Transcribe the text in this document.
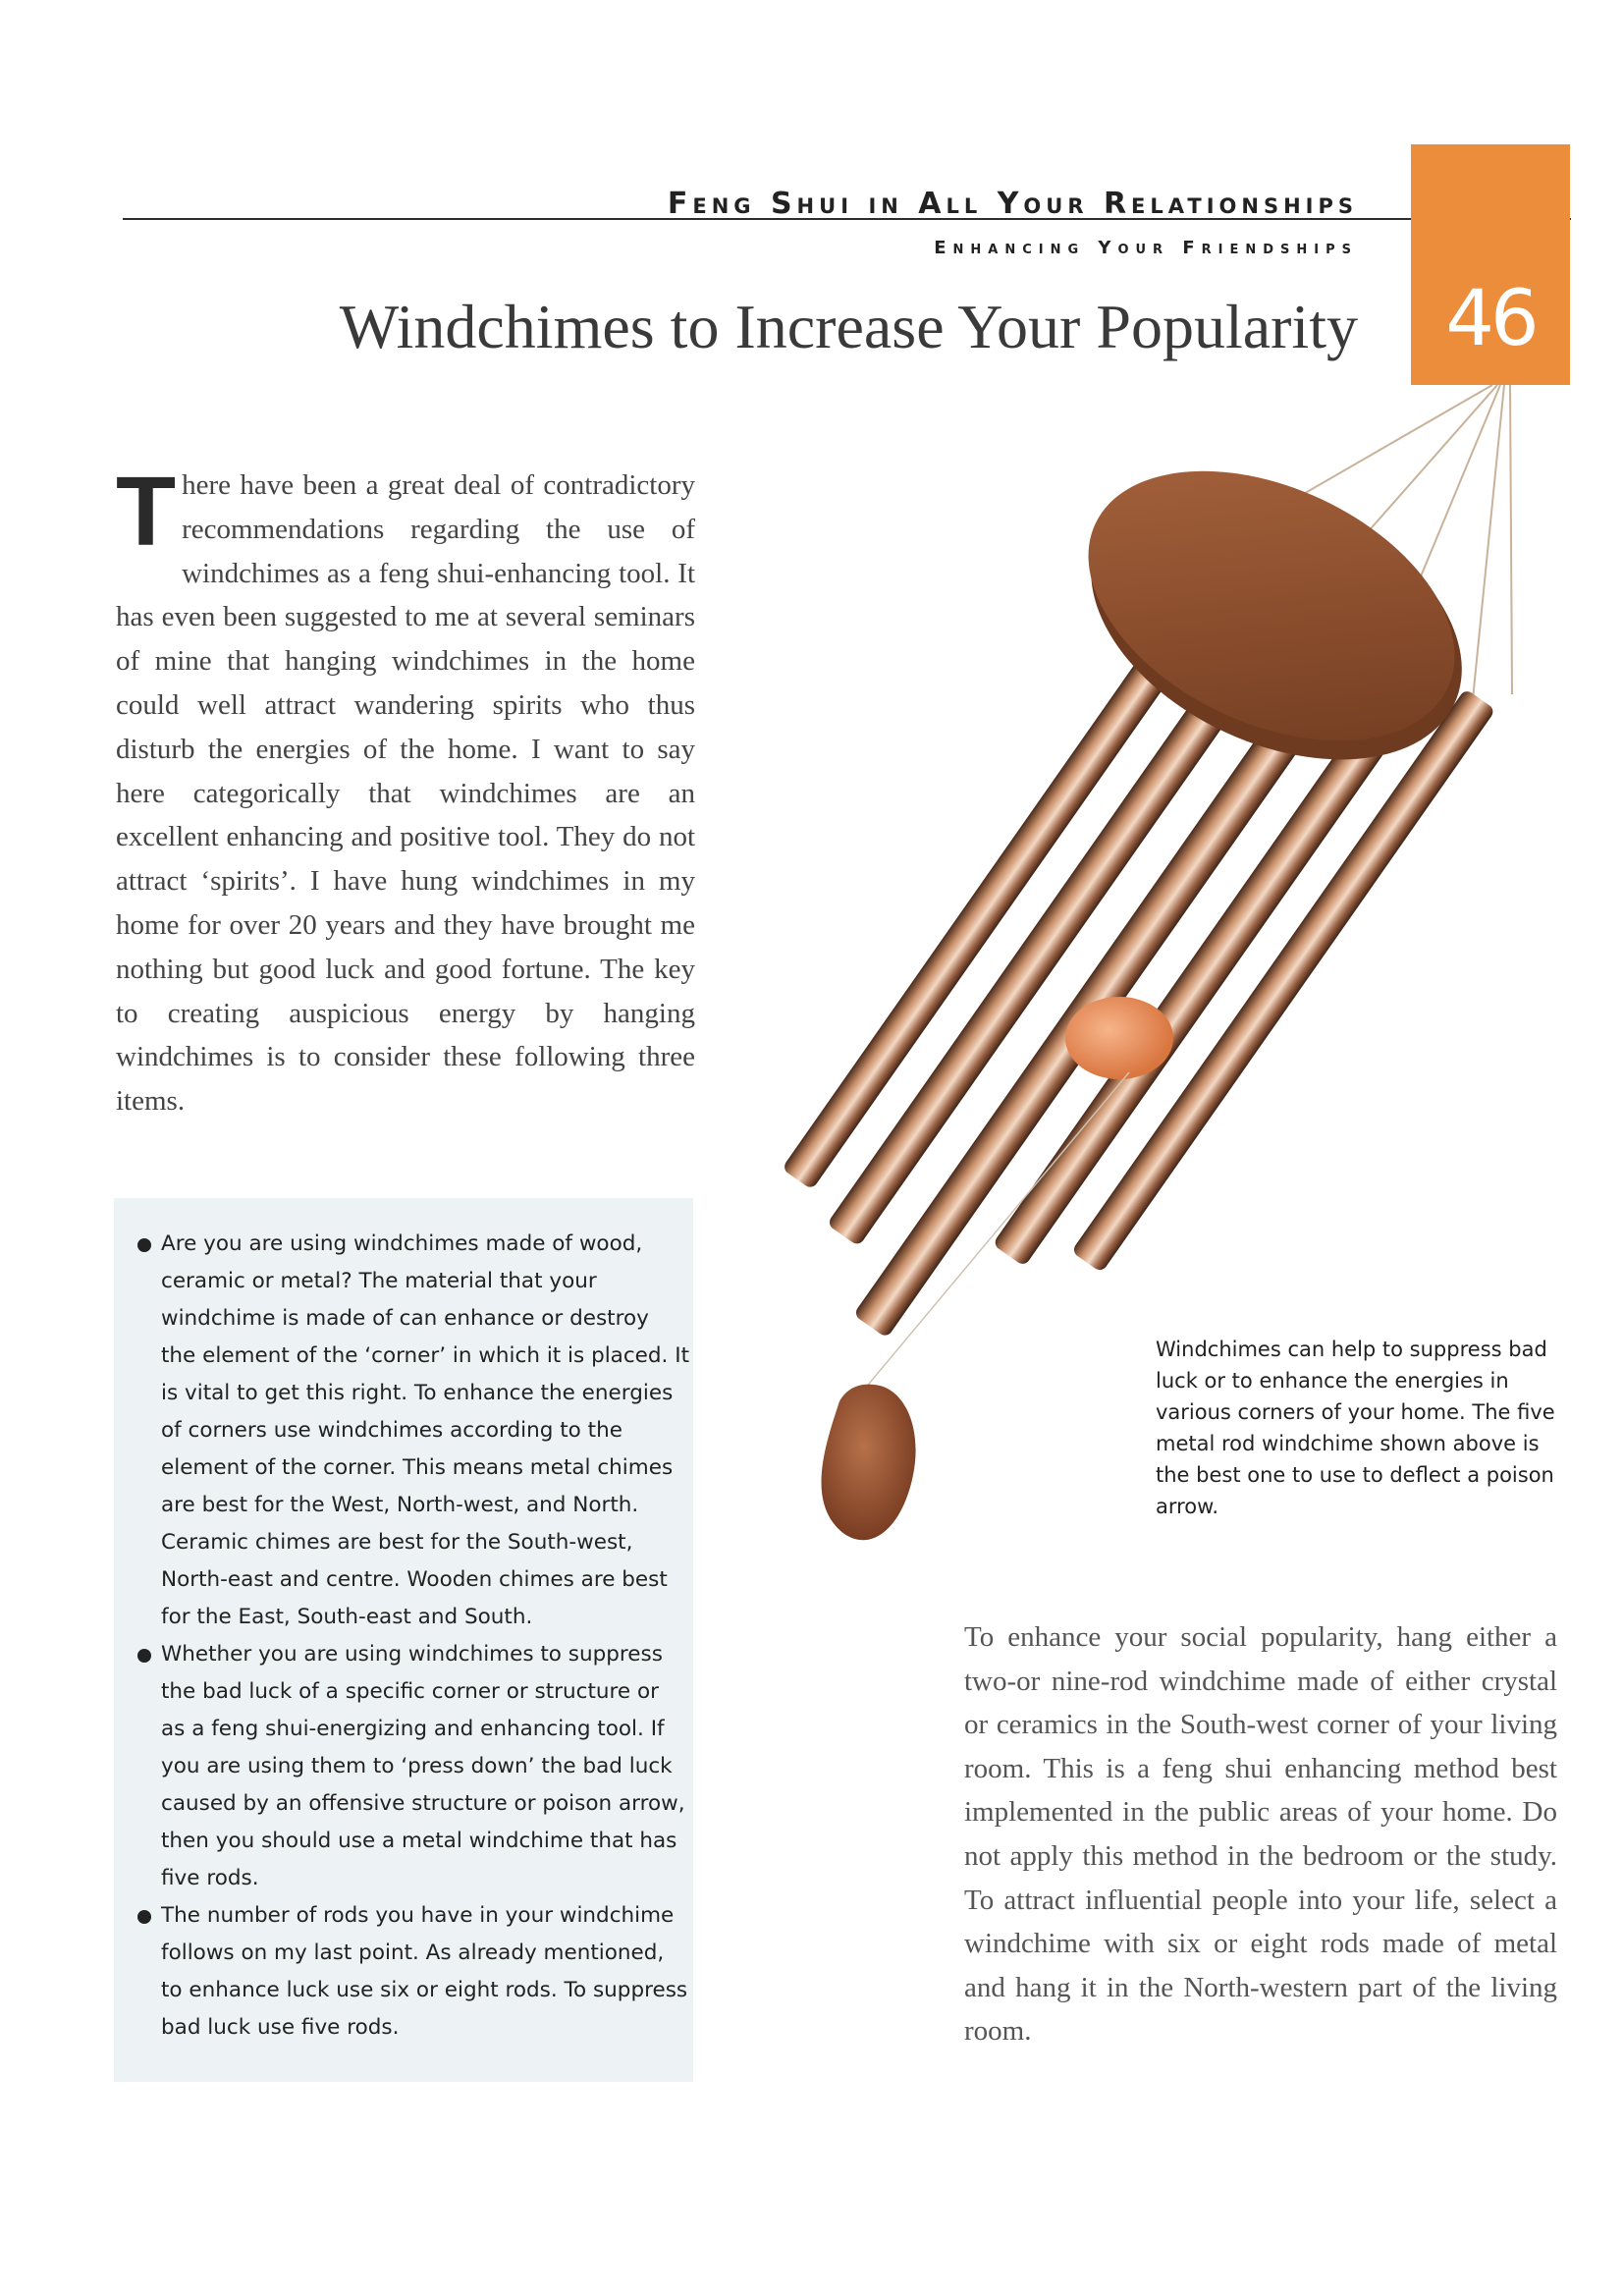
Feng Shui in All Your Relationships
Enhancing Your Friendships
Windchimes to Increase Your Popularity	46
There have been a great deal of contradictory recommendations regarding the use of windchimes as a feng shui-enhancing tool. It has even been suggested to me at several seminars of mine that hanging windchimes in the home could well attract wandering spirits who thus disturb the energies of the home. I want to say here categorically that windchimes are an excellent enhancing and positive tool. They do not attract ‘spirits’. I have hung windchimes in my home for over 20 years and they have brought me nothing but good luck and good fortune. The key to creating auspicious energy by hanging windchimes is to consider these following three items.
Are you are using windchimes made of wood, ceramic or metal? The material that your windchime is made of can enhance or destroy the element of the ‘corner’ in which it is placed. It is vital to get this right. To enhance the energies of corners use windchimes according to the element of the corner. This means metal chimes are best for the West, North-west, and North. Ceramic chimes are best for the South-west, North-east and centre. Wooden chimes are best for the East, South-east and South.
Whether you are using windchimes to suppress the bad luck of a specific corner or structure or as a feng shui-energizing and enhancing tool. If you are using them to ‘press down’ the bad luck caused by an offensive structure or poison arrow, then you should use a metal windchime that has five rods.
The number of rods you have in your windchime follows on my last point. As already mentioned, to enhance luck use six or eight rods. To suppress bad luck use five rods.
Windchimes can help to suppress bad luck or to enhance the energies in various corners of your home. The five metal rod windchime shown above is the best one to use to deflect a poison arrow.
To enhance your social popularity, hang either a two-or nine-rod windchime made of either crystal or ceramics in the South-west corner of your living room. This is a feng shui enhancing method best implemented in the public areas of your home. Do not apply this method in the bedroom or the study. To attract influential people into your life, select a windchime with six or eight rods made of metal and hang it in the North-western part of the living room.
